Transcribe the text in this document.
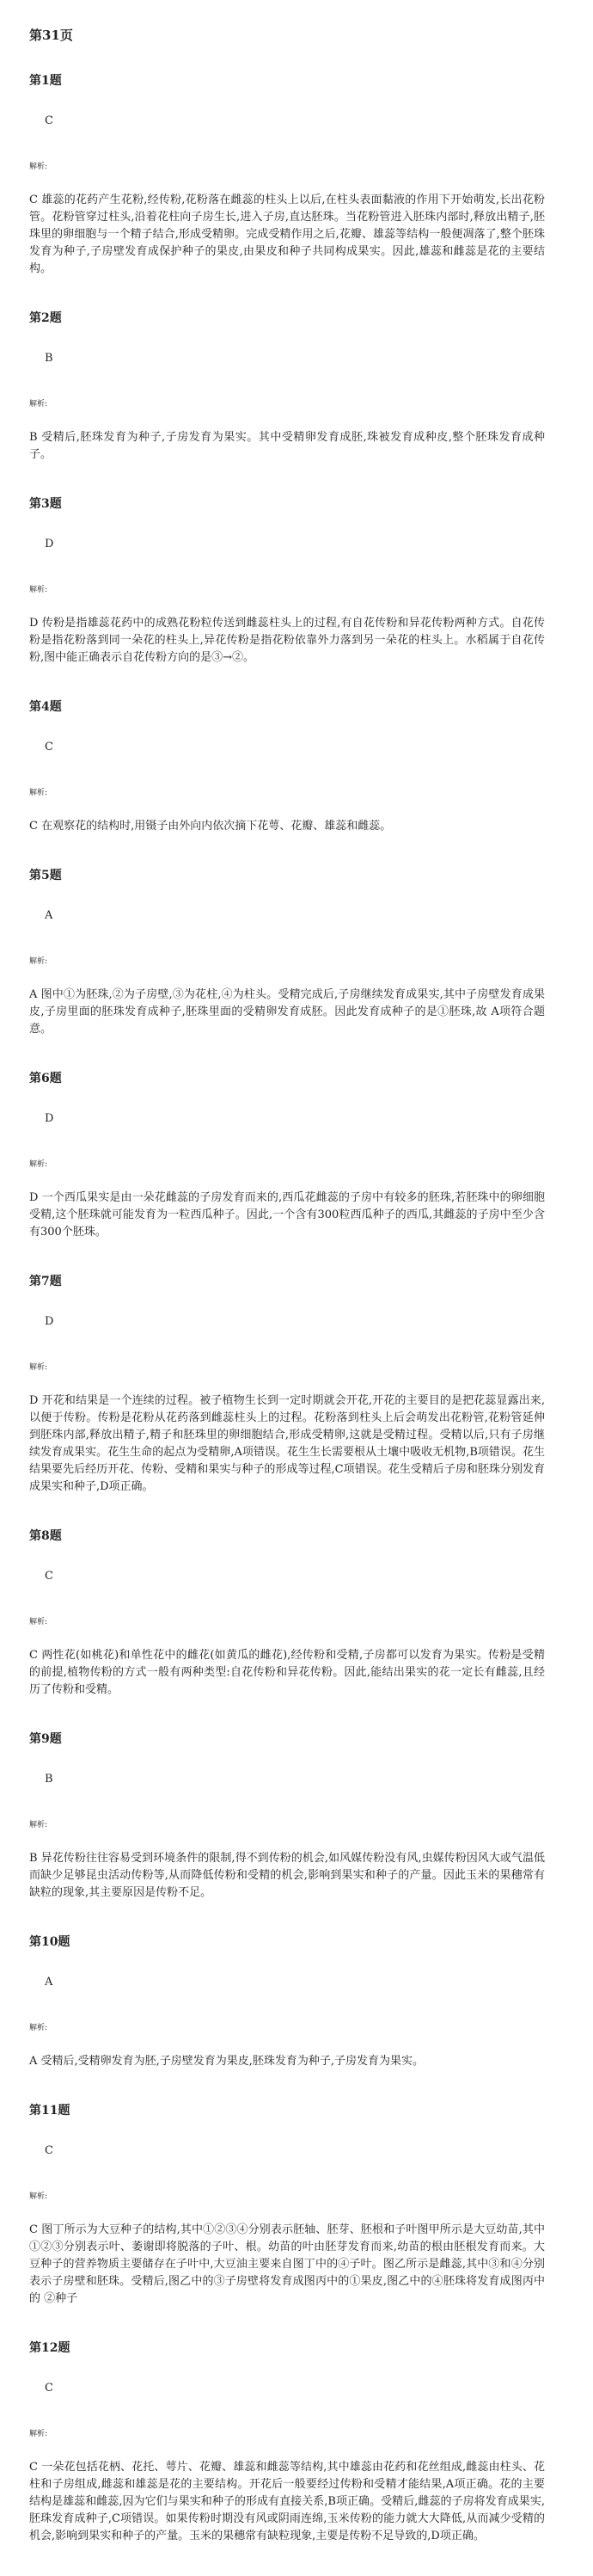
第31页
第1题
C
解析:
C 雄蕊的花药产生花粉,经传粉,花粉落在雌蕊的柱头上以后,在柱头表面黏液的作用下开始萌发,长出花粉管。花粉管穿过柱头,沿着花柱向子房生长,进入子房,直达胚珠。当花粉管进入胚珠内部时,释放出精子,胚珠里的卵细胞与一个精子结合,形成受精卵。完成受精作用之后,花瓣、雄蕊等结构一般便凋落了,整个胚珠发育为种子,子房壁发育成保护种子的果皮,由果皮和种子共同构成果实。因此,雄蕊和雌蕊是花的主要结构。
第2题
B
解析:
B 受精后,胚珠发育为种子,子房发育为果实。其中受精卵发育成胚,珠被发育成种皮,整个胚珠发育成种子。
第3题
D
解析:
D 传粉是指雄蕊花药中的成熟花粉粒传送到雌蕊柱头上的过程,有自花传粉和异花传粉两种方式。自花传粉是指花粉落到同一朵花的柱头上,异花传粉是指花粉依靠外力落到另一朵花的柱头上。水稻属于自花传粉,图中能正确表示自花传粉方向的是③→②。
第4题
C
解析:
C 在观察花的结构时,用镊子由外向内依次摘下花萼、花瓣、雄蕊和雌蕊。
第5题
A
解析:
A 图中①为胚珠,②为子房壁,③为花柱,④为柱头。受精完成后,子房继续发育成果实,其中子房壁发育成果皮,子房里面的胚珠发育成种子,胚珠里面的受精卵发育成胚。因此发育成种子的是①胚珠,故 A项符合题意。
第6题
D
解析:
D 一个西瓜果实是由一朵花雌蕊的子房发育而来的,西瓜花雌蕊的子房中有较多的胚珠,若胚珠中的卵细胞受精,这个胚珠就可能发育为一粒西瓜种子。因此,一个含有300粒西瓜种子的西瓜,其雌蕊的子房中至少含有300个胚珠。
第7题
D
解析:
D 开花和结果是一个连续的过程。被子植物生长到一定时期就会开花,开花的主要目的是把花蕊显露出来,以便于传粉。传粉是花粉从花药落到雌蕊柱头上的过程。花粉落到柱头上后会萌发出花粉管,花粉管延伸到胚珠内部,释放出精子,精子和胚珠里的卵细胞结合,形成受精卵,这就是受精过程。受精以后,只有子房继续发育成果实。花生生命的起点为受精卵,A项错误。花生生长需要根从土壤中吸收无机物,B项错误。花生结果要先后经历开花、传粉、受精和果实与种子的形成等过程,C项错误。花生受精后子房和胚珠分别发育成果实和种子,D项正确。
第8题
C
解析:
C 两性花(如桃花)和单性花中的雌花(如黄瓜的雌花),经传粉和受精,子房都可以发育为果实。传粉是受精的前提,植物传粉的方式一般有两种类型:自花传粉和异花传粉。因此,能结出果实的花一定长有雌蕊,且经历了传粉和受精。
第9题
B
解析:
B 异花传粉往往容易受到环境条件的限制,得不到传粉的机会,如风媒传粉没有风,虫媒传粉因风大或气温低而缺少足够昆虫活动传粉等,从而降低传粉和受精的机会,影响到果实和种子的产量。因此玉米的果穗常有缺粒的现象,其主要原因是传粉不足。
第10题
A
解析:
A 受精后,受精卵发育为胚,子房壁发育为果皮,胚珠发育为种子,子房发育为果实。
第11题
C
解析:
C 图丁所示为大豆种子的结构,其中①②③④分别表示胚轴、胚芽、胚根和子叶图甲所示是大豆幼苗,其中①②③分别表示叶、萎谢即将脱落的子叶、根。幼苗的叶由胚芽发育而来,幼苗的根由胚根发育而来。大豆种子的营养物质主要储存在子叶中,大豆油主要来自图丁中的④子叶。图乙所示是雌蕊,其中③和④分别表示子房壁和胚珠。受精后,图乙中的③子房壁将发育成图丙中的①果皮,图乙中的④胚珠将发育成图丙中的 ②种子
第12题
C
解析:
C 一朵花包括花柄、花托、萼片、花瓣、雄蕊和雌蕊等结构,其中雄蕊由花药和花丝组成,雌蕊由柱头、花柱和子房组成,雌蕊和雄蕊是花的主要结构。开花后一般要经过传粉和受精才能结果,A项正确。花的主要结构是雄蕊和雌蕊,因为它们与果实和种子的形成有直接关系,B项正确。受精后,雌蕊的子房将发育成果实,胚珠发育成种子,C项错误。如果传粉时期没有风或阴雨连绵,玉米传粉的能力就大大降低,从而减少受精的机会,影响到果实和种子的产量。玉米的果穗常有缺粒现象,主要是传粉不足导致的,D项正确。
